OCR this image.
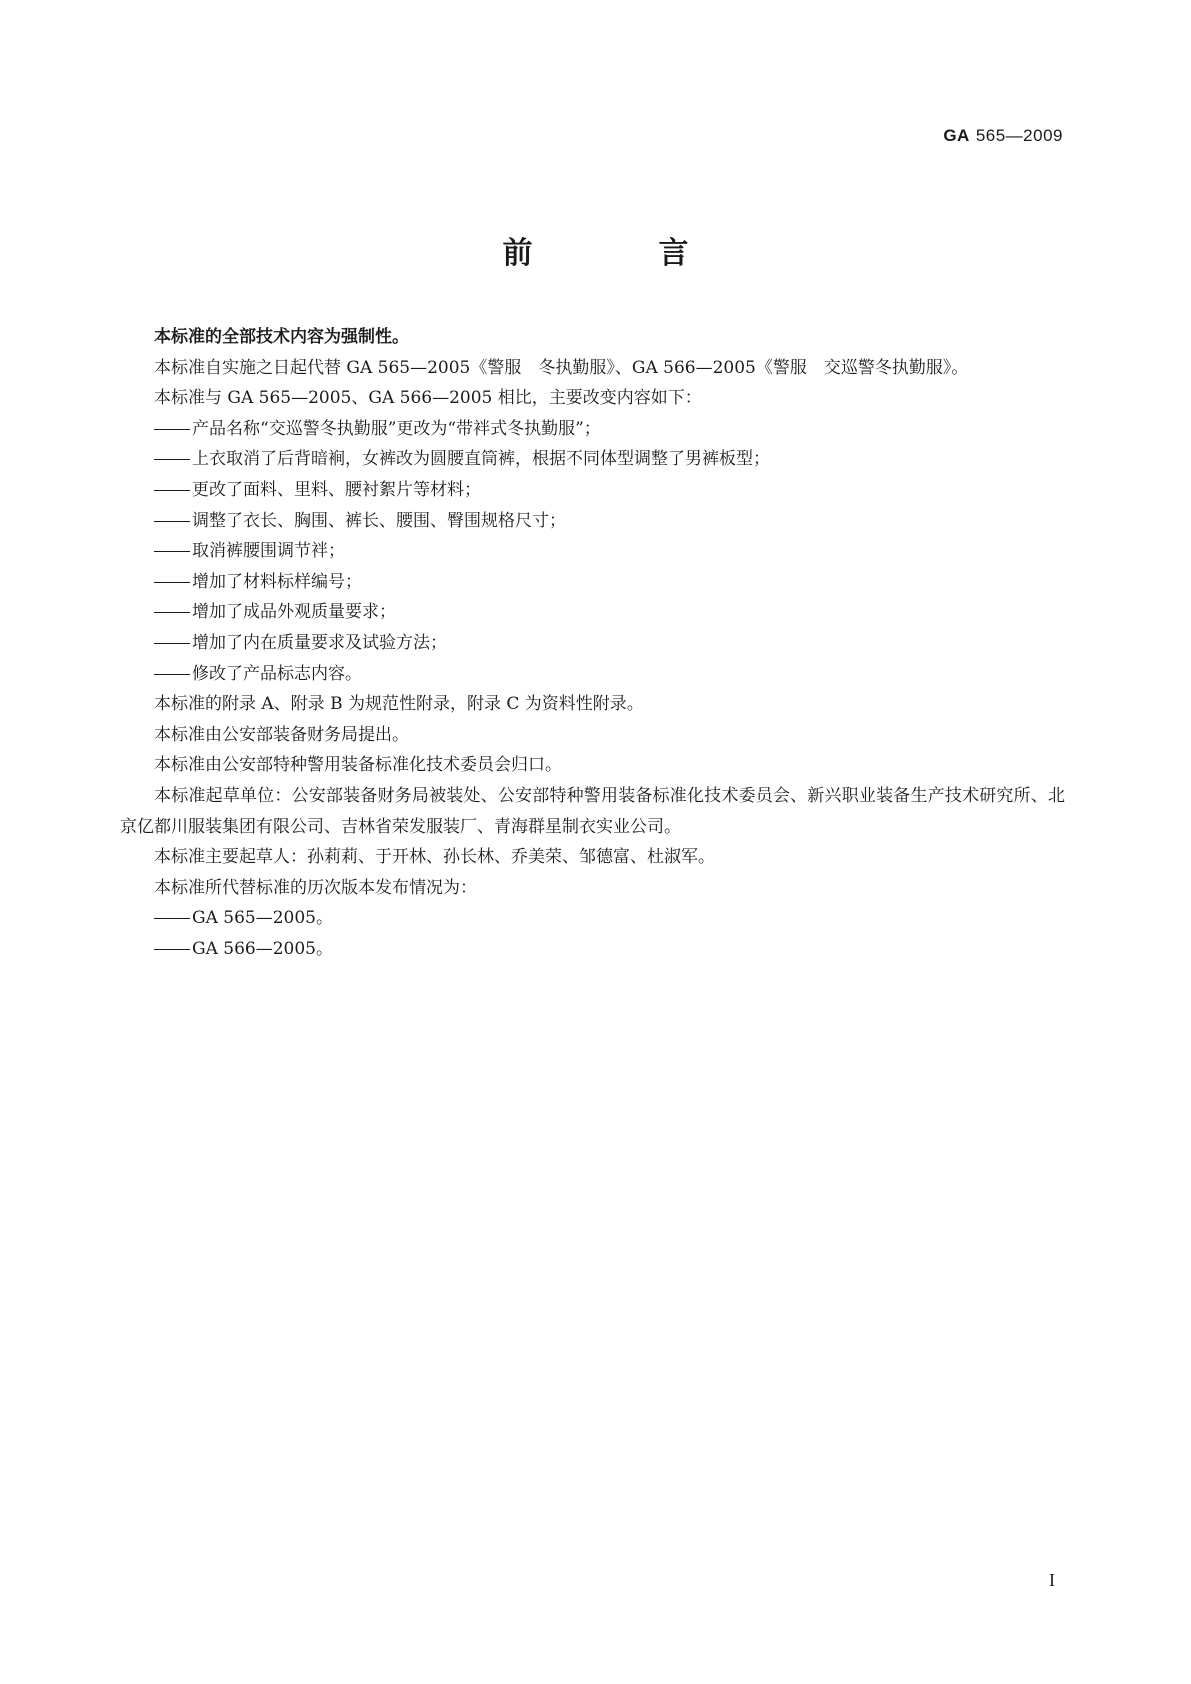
GA 565—2009
前　言

本标准的全部技术内容为强制性。

本标准自实施之日起代替 GA 565—2005《警服　冬执勤服》、GA 566—2005《警服　交巡警冬执勤服》。

本标准与 GA 565—2005、GA 566—2005 相比，主要改变内容如下：

产品名称“交巡警冬执勤服”更改为“带袢式冬执勤服”；

上衣取消了后背暗裥，女裤改为圆腰直筒裤，根据不同体型调整了男裤板型；

更改了面料、里料、腰衬絮片等材料；

调整了衣长、胸围、裤长、腰围、臀围规格尺寸；

取消裤腰围调节袢；

增加了材料标样编号；

增加了成品外观质量要求；

增加了内在质量要求及试验方法；

修改了产品标志内容。

本标准的附录 A、附录 B 为规范性附录，附录 C 为资料性附录。

本标准由公安部装备财务局提出。

本标准由公安部特种警用装备标准化技术委员会归口。

本标准起草单位：公安部装备财务局被装处、公安部特种警用装备标准化技术委员会、新兴职业装备生产技术研究所、北京亿都川服装集团有限公司、吉林省荣发服装厂、青海群星制衣实业公司。

本标准主要起草人：孙莉莉、于开林、孙长林、乔美荣、邹德富、杜淑军。

本标准所代替标准的历次版本发布情况为：

GA 565—2005。

GA 566—2005。

I
